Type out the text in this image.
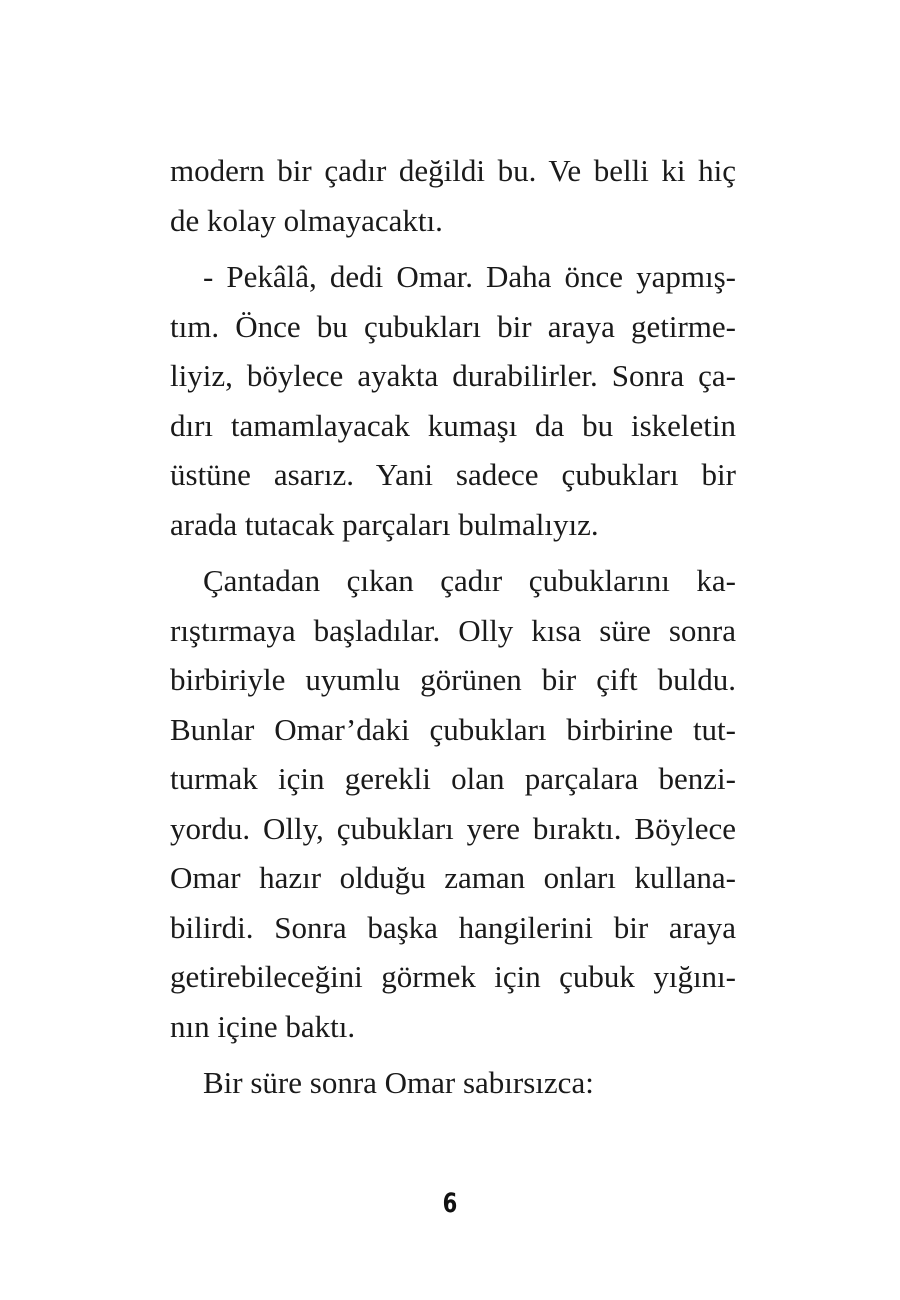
modern bir çadır değildi bu. Ve belli ki hiç
de kolay olmayacaktı.
- Pekâlâ, dedi Omar. Daha önce yapmış-
tım. Önce bu çubukları bir araya getirme-
liyiz, böylece ayakta durabilirler. Sonra ça-
dırı tamamlayacak kumaşı da bu iskeletin
üstüne asarız. Yani sadece çubukları bir
arada tutacak parçaları bulmalıyız.
Çantadan çıkan çadır çubuklarını ka-
rıştırmaya başladılar. Olly kısa süre sonra
birbiriyle uyumlu görünen bir çift buldu.
Bunlar Omar’daki çubukları birbirine tut-
turmak için gerekli olan parçalara benzi-
yordu. Olly, çubukları yere bıraktı. Böylece
Omar hazır olduğu zaman onları kullana-
bilirdi. Sonra başka hangilerini bir araya
getirebileceğini görmek için çubuk yığını-
nın içine baktı.
Bir süre sonra Omar sabırsızca:
6
